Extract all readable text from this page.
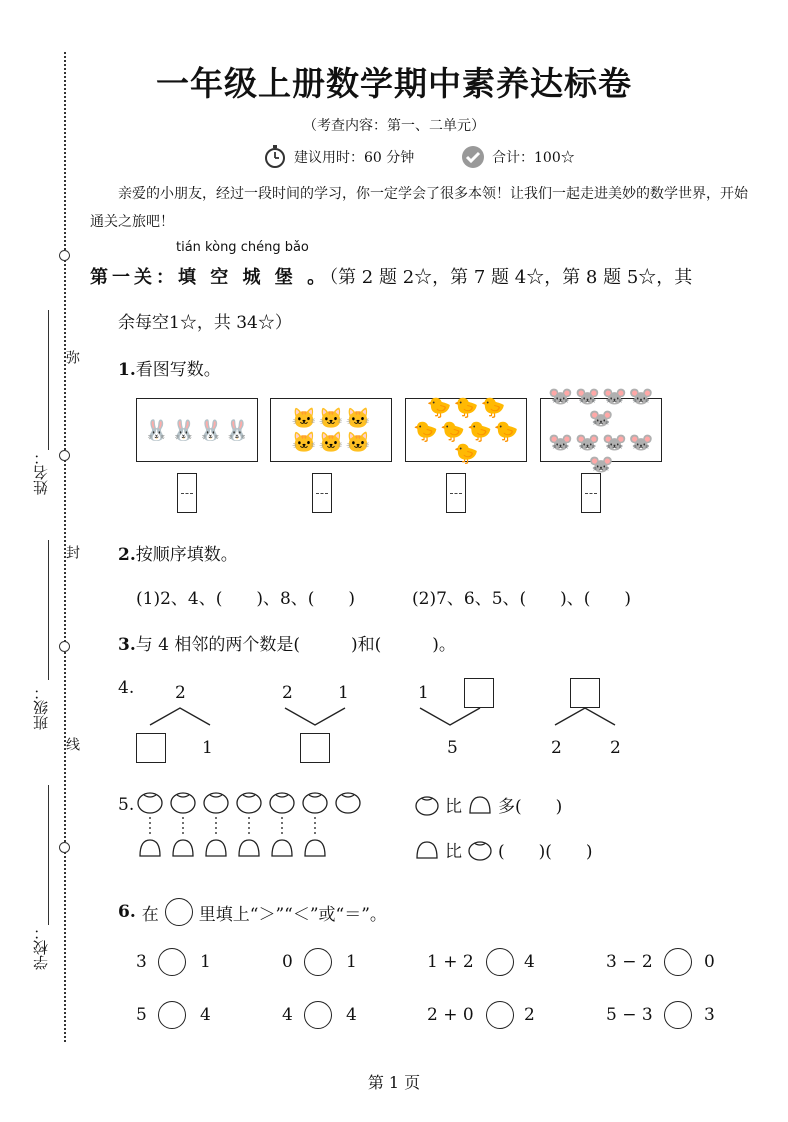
弥
封
线
姓名：
班级：
学校：
一年级上册数学期中素养达标卷
（考查内容：第一、二单元）
建议用时：60 分钟	合计：100☆
亲爱的小朋友，经过一段时间的学习，你一定学会了很多本领！让我们一起走进美妙的数学世界，开始通关之旅吧！
tián kòng chéng bǎo
第一关：填 空 城 堡 。（第 2 题 2☆，第 7 题 4☆，第 8 题 5☆，其
余每空1☆，共 34☆）
1.看图写数。
🐰 🐰 🐰 🐰 🐱 🐱 🐱
🐱 🐱 🐱
🐤 🐤 🐤
🐤 🐤 🐤 🐤
🐤
🐭 🐭 🐭 🐭
🐭
🐭 🐭 🐭 🐭
🐭
2.按顺序填数。
(1)2、4、(　　)、8、(　　)	(2)7、6、5、(　　)、(　　)
3.与 4 相邻的两个数是(　　　)和(　　　)。
4. 2
1
2	1	1
5	2	2
5.	比 多(　　)
比 (　　)(　　)
6. 在 里填上“＞”“＜”或“＝”。
3	1	0	1	1 + 2	4	3 − 2	0
5	4	4	4	2 + 0	2	5 − 3	3
第 1 页
